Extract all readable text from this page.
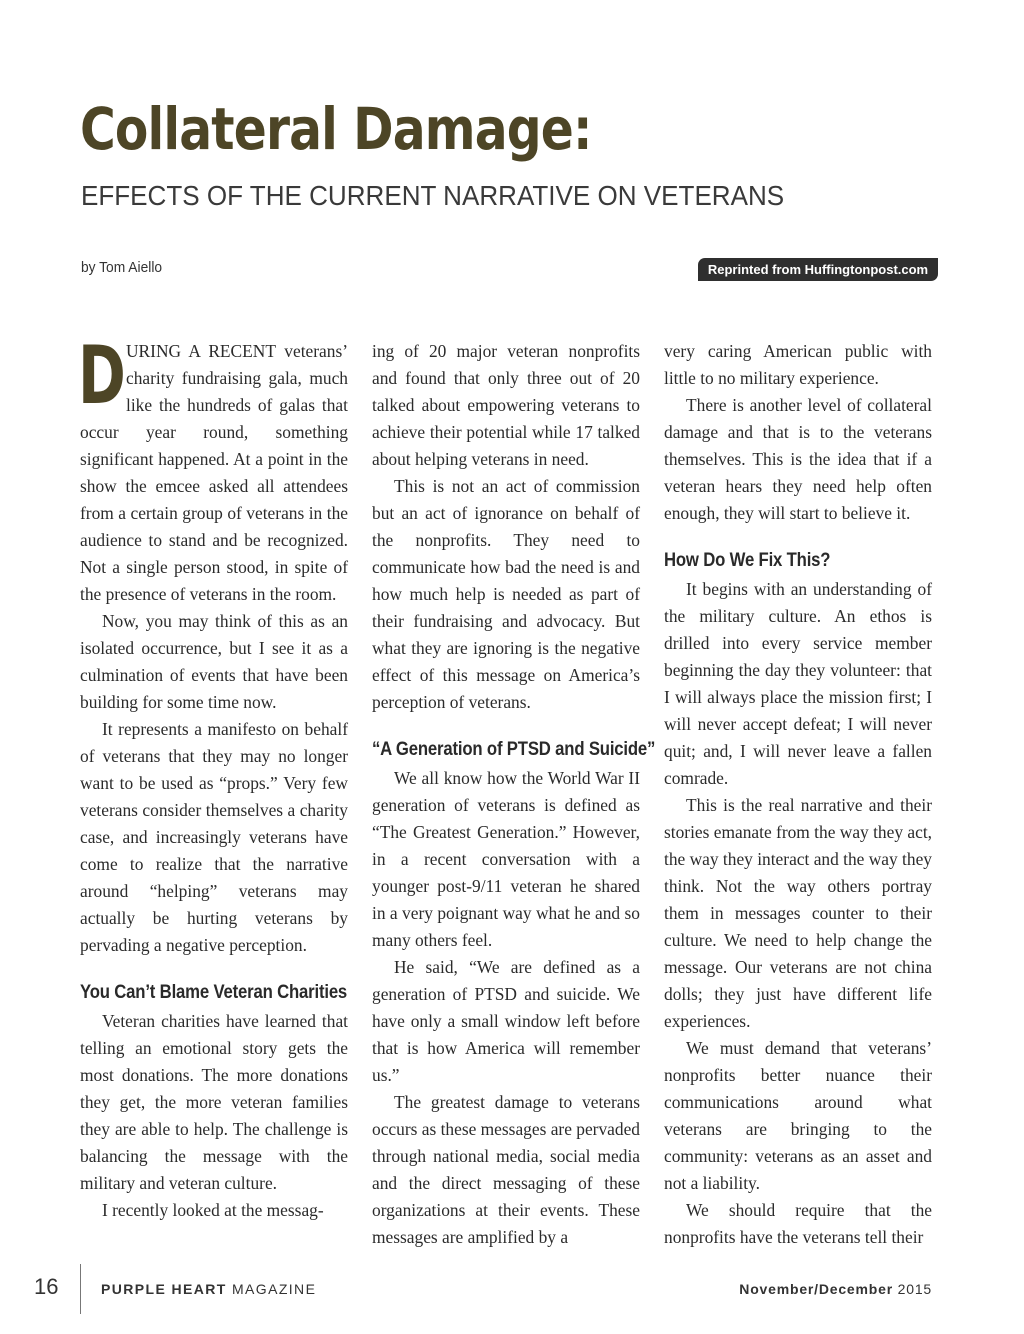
Collateral Damage:
EFFECTS OF THE CURRENT NARRATIVE ON VETERANS
by Tom Aiello	Reprinted from Huffingtonpost.com

DURING A RECENT veterans’ charity fundraising gala, much like the hundreds of galas that occur year round, something significant happened. At a point in the show the emcee asked all attendees from a certain group of veterans in the audience to stand and be recognized. Not a single person stood, in spite of the presence of veterans in the room.

Now, you may think of this as an isolated occurrence, but I see it as a culmination of events that have been building for some time now.

It represents a manifesto on behalf of veterans that they may no longer want to be used as “props.” Very few veterans consider themselves a charity case, and increasingly veterans have come to realize that the narrative around “helping” veterans may actually be hurting veterans by pervading a negative perception.

You Can’t Blame Veteran Charities

Veteran charities have learned that telling an emotional story gets the most donations. The more donations they get, the more veteran families they are able to help. The challenge is balancing the message with the military and veteran culture.

I recently looked at the messag-

ing of 20 major veteran nonprofits and found that only three out of 20 talked about empowering veterans to achieve their potential while 17 talked about helping veterans in need.

This is not an act of commission but an act of ignorance on behalf of the nonprofits. They need to communicate how bad the need is and how much help is needed as part of their fundraising and advocacy. But what they are ignoring is the negative effect of this message on America’s perception of veterans.

“A Generation of PTSD and Suicide”

We all know how the World War II generation of veterans is defined as “The Greatest Generation.” However, in a recent conversation with a younger post-9/11 veteran he shared in a very poignant way what he and so many others feel.

He said, “We are defined as a generation of PTSD and suicide. We have only a small window left before that is how America will remember us.”

The greatest damage to veterans occurs as these messages are pervaded through national media, social media and the direct messaging of these organizations at their events. These messages are amplified by a

very caring American public with little to no military experience.

There is another level of collateral damage and that is to the veterans themselves. This is the idea that if a veteran hears they need help often enough, they will start to believe it.

How Do We Fix This?

It begins with an understanding of the military culture. An ethos is drilled into every service member beginning the day they volunteer: that I will always place the mission first; I will never accept defeat; I will never quit; and, I will never leave a fallen comrade.

This is the real narrative and their stories emanate from the way they act, the way they interact and the way they think. Not the way others portray them in messages counter to their culture. We need to help change the message. Our veterans are not china dolls; they just have different life experiences.

We must demand that veterans’ nonprofits better nuance their communications around what veterans are bringing to the community: veterans as an asset and not a liability.

We should require that the nonprofits have the veterans tell their

16	PURPLE HEART MAGAZINE	November/December 2015
